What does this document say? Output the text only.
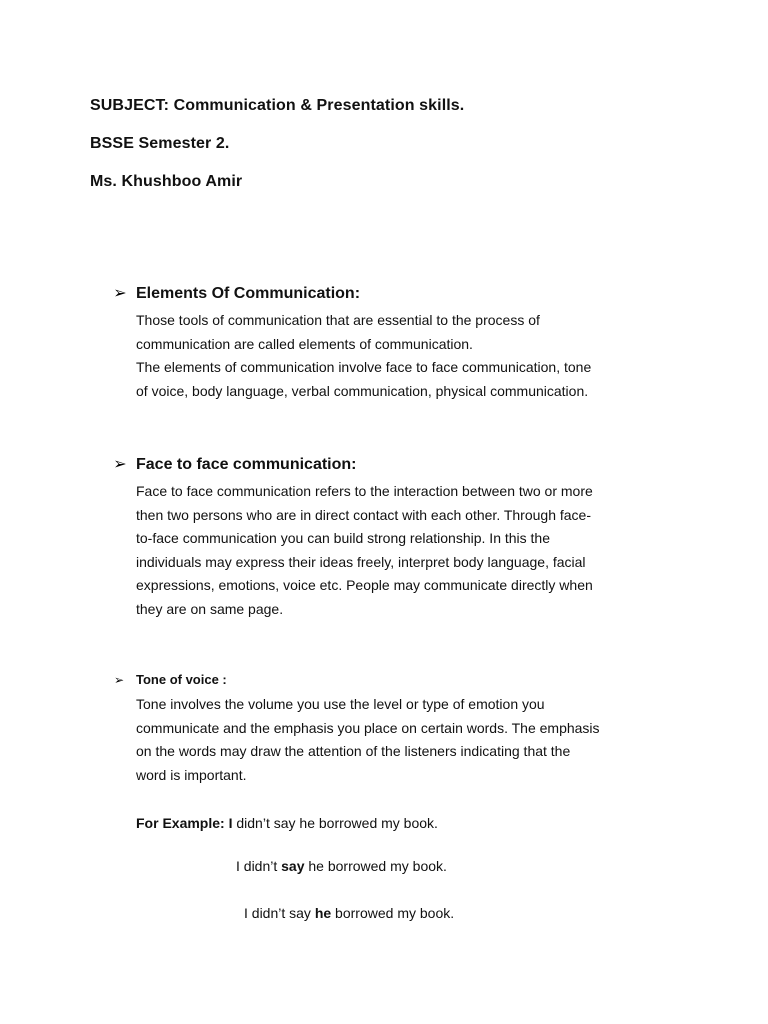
SUBJECT: Communication & Presentation skills.
BSSE Semester 2.
Ms. Khushboo Amir
➢ Elements Of Communication:

Those tools of communication that are essential to the process of
communication are called elements of communication.
The elements of communication involve face to face communication, tone
of voice, body language, verbal communication, physical communication.

➢ Face to face communication:

Face to face communication refers to the interaction between two or more
then two persons who are in direct contact with each other. Through face-
to-face communication you can build strong relationship. In this the
individuals may express their ideas freely, interpret body language, facial
expressions, emotions, voice etc. People may communicate directly when
they are on same page.

➢ Tone of voice :

Tone involves the volume you use the level or type of emotion you
communicate and the emphasis you place on certain words. The emphasis
on the words may draw the attention of the listeners indicating that the
word is important.

For Example: I didn’t say he borrowed my book.
I didn’t say he borrowed my book.
I didn’t say he borrowed my book.
